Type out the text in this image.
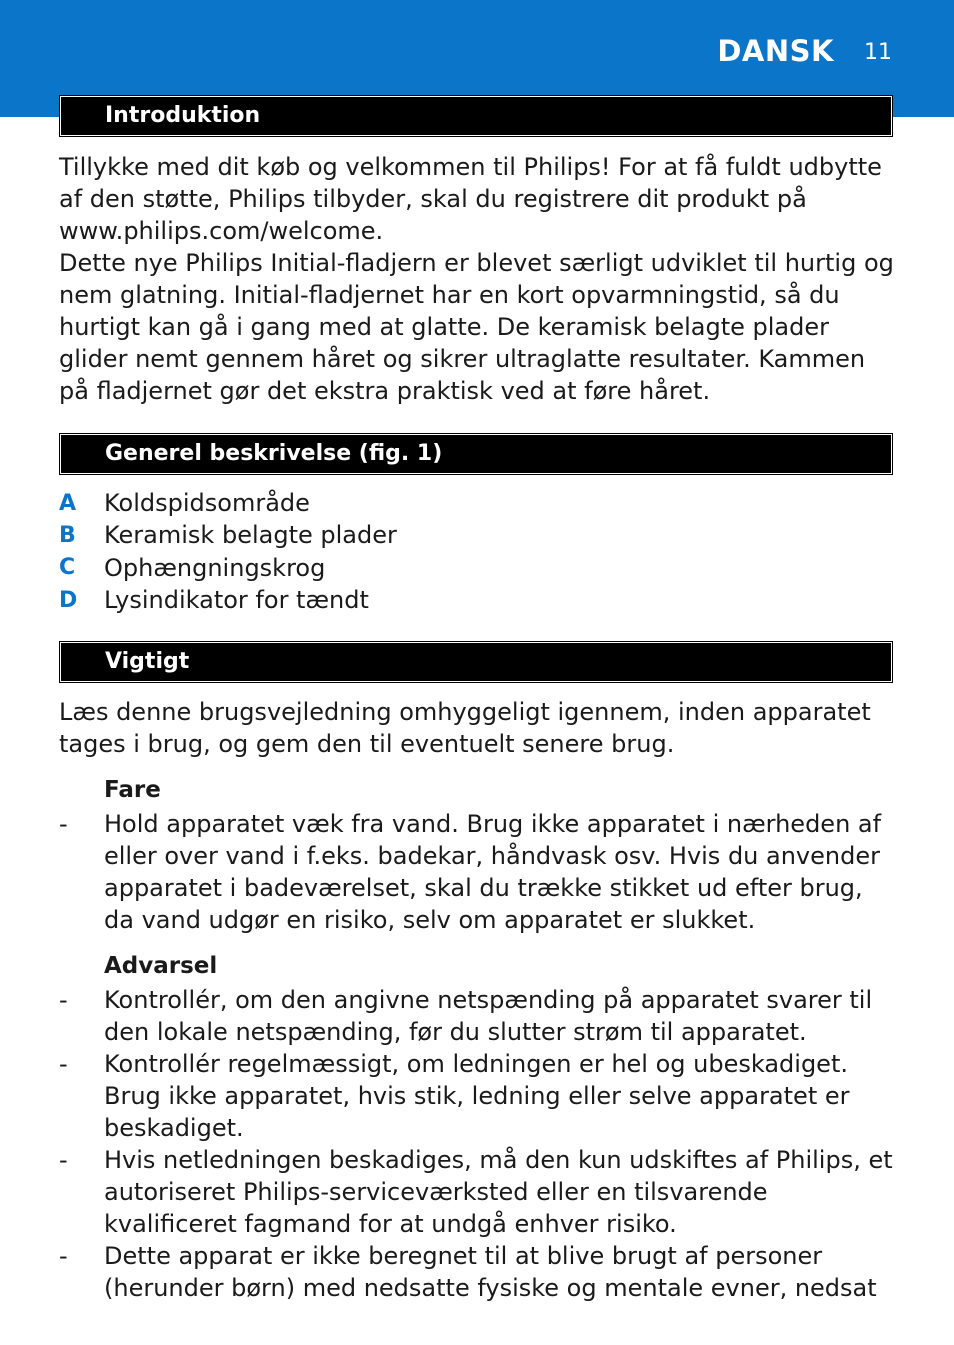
DANSK 11
Introduktion

Tillykke med dit køb og velkommen til Philips! For at få fuldt udbytte af den støtte, Philips tilbyder, skal du registrere dit produkt på www.philips.com/welcome.

Dette nye Philips Initial-fladjern er blevet særligt udviklet til hurtig og nem glatning. Initial-fladjernet har en kort opvarmningstid, så du hurtigt kan gå i gang med at glatte. De keramisk belagte plader glider nemt gennem håret og sikrer ultraglatte resultater. Kammen på fladjernet gør det ekstra praktisk ved at føre håret.

Generel beskrivelse (fig. 1)
A	Koldspidsområde
B	Keramisk belagte plader
C	Ophængningskrog
D	Lysindikator for tændt
Vigtigt

Læs denne brugsvejledning omhyggeligt igennem, inden apparatet tages i brug, og gem den til eventuelt senere brug.

Fare

-	Hold apparatet væk fra vand. Brug ikke apparatet i nærheden af eller over vand i f.eks. badekar, håndvask osv. Hvis du anvender apparatet i badeværelset, skal du trække stikket ud efter brug, da vand udgør en risiko, selv om apparatet er slukket.

Advarsel

-	Kontrollér, om den angivne netspænding på apparatet svarer til den lokale netspænding, før du slutter strøm til apparatet.

-	Kontrollér regelmæssigt, om ledningen er hel og ubeskadiget. Brug ikke apparatet, hvis stik, ledning eller selve apparatet er beskadiget.

-	Hvis netledningen beskadiges, må den kun udskiftes af Philips, et autoriseret Philips-serviceværksted eller en tilsvarende kvalificeret fagmand for at undgå enhver risiko.

-	Dette apparat er ikke beregnet til at blive brugt af personer (herunder børn) med nedsatte fysiske og mentale evner, nedsat
